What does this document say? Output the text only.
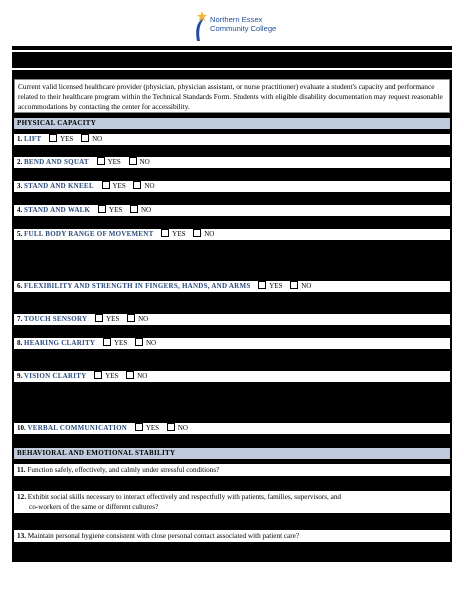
Northern Essex
Community College
Current valid licensed healthcare provider (physician, physician assistant, or nurse practitioner) evaluate a student's capacity and performance related to their healthcare program within the Technical Standards Form. Students with eligible disability documentation may request reasonable accommodations by contacting the center for accessibility.
PHYSICAL CAPACITY
1. LIFT	YES	NO
2. BEND AND SQUAT	YES	NO
3. STAND AND KNEEL	YES	NO
4. STAND AND WALK	YES	NO
5. FULL BODY RANGE OF MOVEMENT	YES	NO
6. FLEXIBILITY AND STRENGTH IN FINGERS, HANDS, AND ARMS	YES	NO
7. TOUCH SENSORY	YES	NO
8. HEARING CLARITY	YES	NO
9. VISION CLARITY	YES	NO
10. VERBAL COMMUNICATION	YES	NO
BEHAVIORAL AND EMOTIONAL STABILITY
11. Function safely, effectively, and calmly under stressful conditions?
12. Exhibit social skills necessary to interact effectively and respectfully with patients, families, supervisors, and
co-workers of the same or different cultures?
13. Maintain personal hygiene consistent with close personal contact associated with patient care?
